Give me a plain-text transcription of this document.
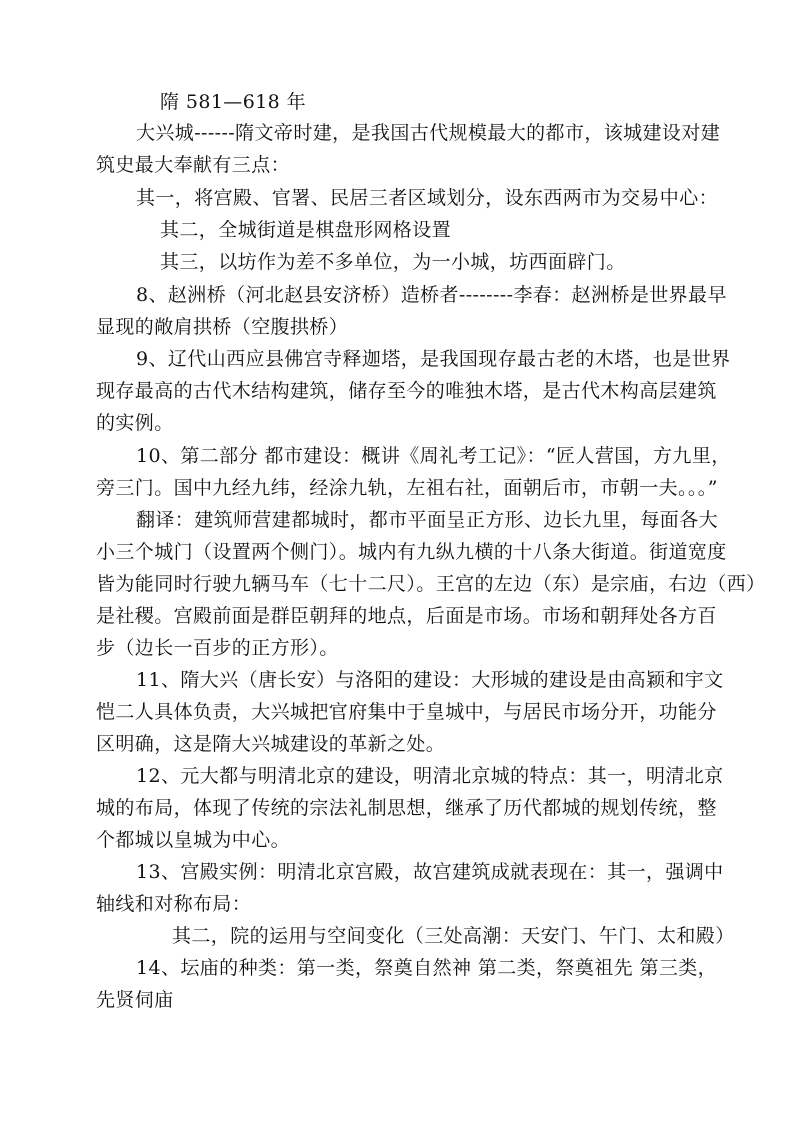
隋 581—618 年
大兴城------隋文帝时建，是我国古代规模最大的都市，该城建设对建
筑史最大奉献有三点：
其一，将宫殿、官署、民居三者区域划分，设东西两市为交易中心：
其二，全城街道是棋盘形网格设置
其三，以坊作为差不多单位，为一小城，坊西面辟门。
8、赵洲桥（河北赵县安济桥）造桥者--------李春：赵洲桥是世界最早
显现的敞肩拱桥（空腹拱桥）
9、辽代山西应县佛宫寺释迦塔，是我国现存最古老的木塔，也是世界
现存最高的古代木结构建筑，储存至今的唯独木塔，是古代木构高层建筑
的实例。
10、第二部分 都市建设：概讲《周礼考工记》：“匠人营国，方九里，
旁三门。国中九经九纬，经涂九轨，左祖右社，面朝后市，市朝一夫。。。”
翻译：建筑师营建都城时，都市平面呈正方形、边长九里，每面各大
小三个城门（设置两个侧门）。城内有九纵九横的十八条大街道。街道宽度
皆为能同时行驶九辆马车（七十二尺）。王宫的左边（东）是宗庙，右边（西）
是社稷。宫殿前面是群臣朝拜的地点，后面是市场。市场和朝拜处各方百
步（边长一百步的正方形）。
11、隋大兴（唐长安）与洛阳的建设：大形城的建设是由高颖和宇文
恺二人具体负责，大兴城把官府集中于皇城中，与居民市场分开，功能分
区明确，这是隋大兴城建设的革新之处。
12、元大都与明清北京的建设，明清北京城的特点：其一，明清北京
城的布局，体现了传统的宗法礼制思想，继承了历代都城的规划传统，整
个都城以皇城为中心。
13、宫殿实例：明清北京宫殿，故宫建筑成就表现在：其一，强调中
轴线和对称布局：
其二，院的运用与空间变化（三处高潮：天安门、午门、太和殿）
14、坛庙的种类：第一类，祭奠自然神 第二类，祭奠祖先 第三类，
先贤伺庙
